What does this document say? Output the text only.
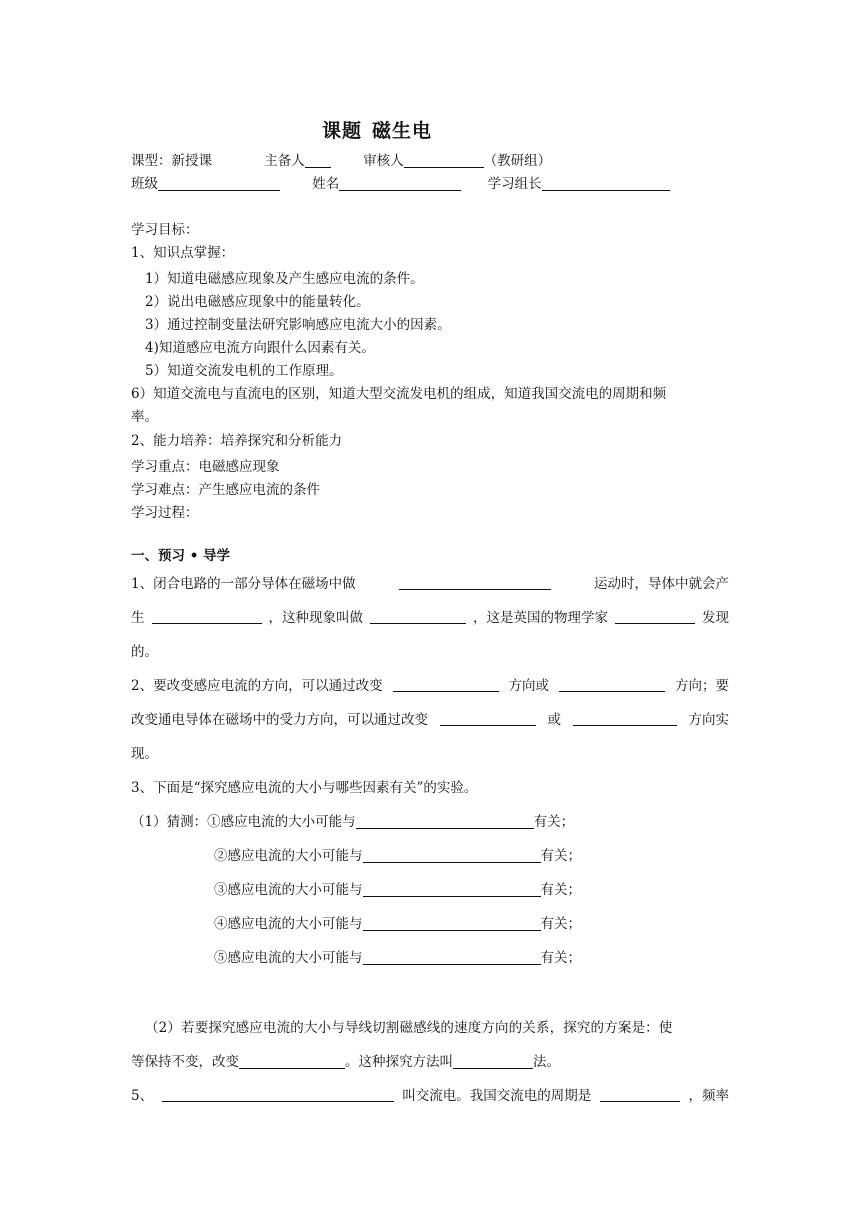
课题 磁生电
课型：新授课	主备人	审核人	（教研组）
班级	姓名	学习组长
学习目标：
1、知识点掌握：
1）知道电磁感应现象及产生感应电流的条件。
2）说出电磁感应现象中的能量转化。
3）通过控制变量法研究影响感应电流大小的因素。
4)知道感应电流方向跟什么因素有关。
5）知道交流发电机的工作原理。
6）知道交流电与直流电的区别，知道大型交流发电机的组成，知道我国交流电的周期和频
率。
2、能力培养：培养探究和分析能力
学习重点：电磁感应现象
学习难点：产生感应电流的条件
学习过程：
一、预习 • 导学
1、闭合电路的一部分导体在磁场中做	运动时，导体中就会产
生	，这种现象叫做	，这是英国的物理学家	发现
的。
2、要改变感应电流的方向，可以通过改变	方向或	方向；要
改变通电导体在磁场中的受力方向，可以通过改变	或	方向实
现。
3、下面是“探究感应电流的大小与哪些因素有关”的实验。
（1）猜测：①感应电流的大小可能与	有关；
②感应电流的大小可能与	有关；
③感应电流的大小可能与	有关；
④感应电流的大小可能与	有关；
⑤感应电流的大小可能与	有关；
（2）若要探究感应电流的大小与导线切割磁感线的速度方向的关系，探究的方案是：使
等保持不变，改变	。这种探究方法叫	法。
5、	叫交流电。我国交流电的周期是	，频率
